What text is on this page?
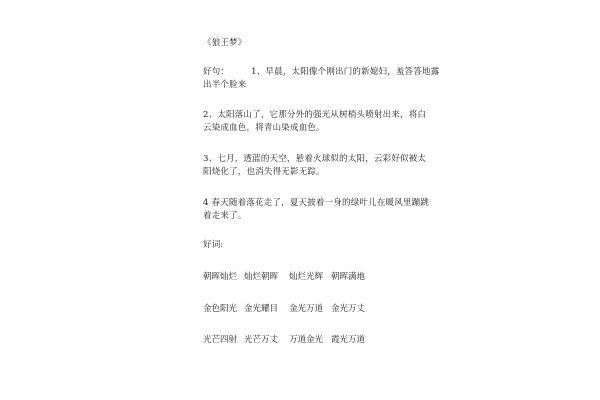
《狼王梦》
好句：	1、早晨，太阳像个刚出门的新媳妇，羞答答地露
出半个脸来
2、太阳落山了，它那分外的强光从树梢头喷射出来，将白
云染成血色，将青山染成血色。
3、七月，透蓝的天空，悬着火球似的太阳，云彩好似被太
阳烧化了，也消失得无影无踪。
4 春天随着落花走了，夏天披着一身的绿叶儿在暖风里蹦跳
着走来了。
好词:
朝晖灿烂 灿烂朝晖 灿烂光辉 朝晖满地
金色阳光 金光耀目 金光万道 金光万丈
光芒四射 光芒万丈 万道金光 霞光万道
